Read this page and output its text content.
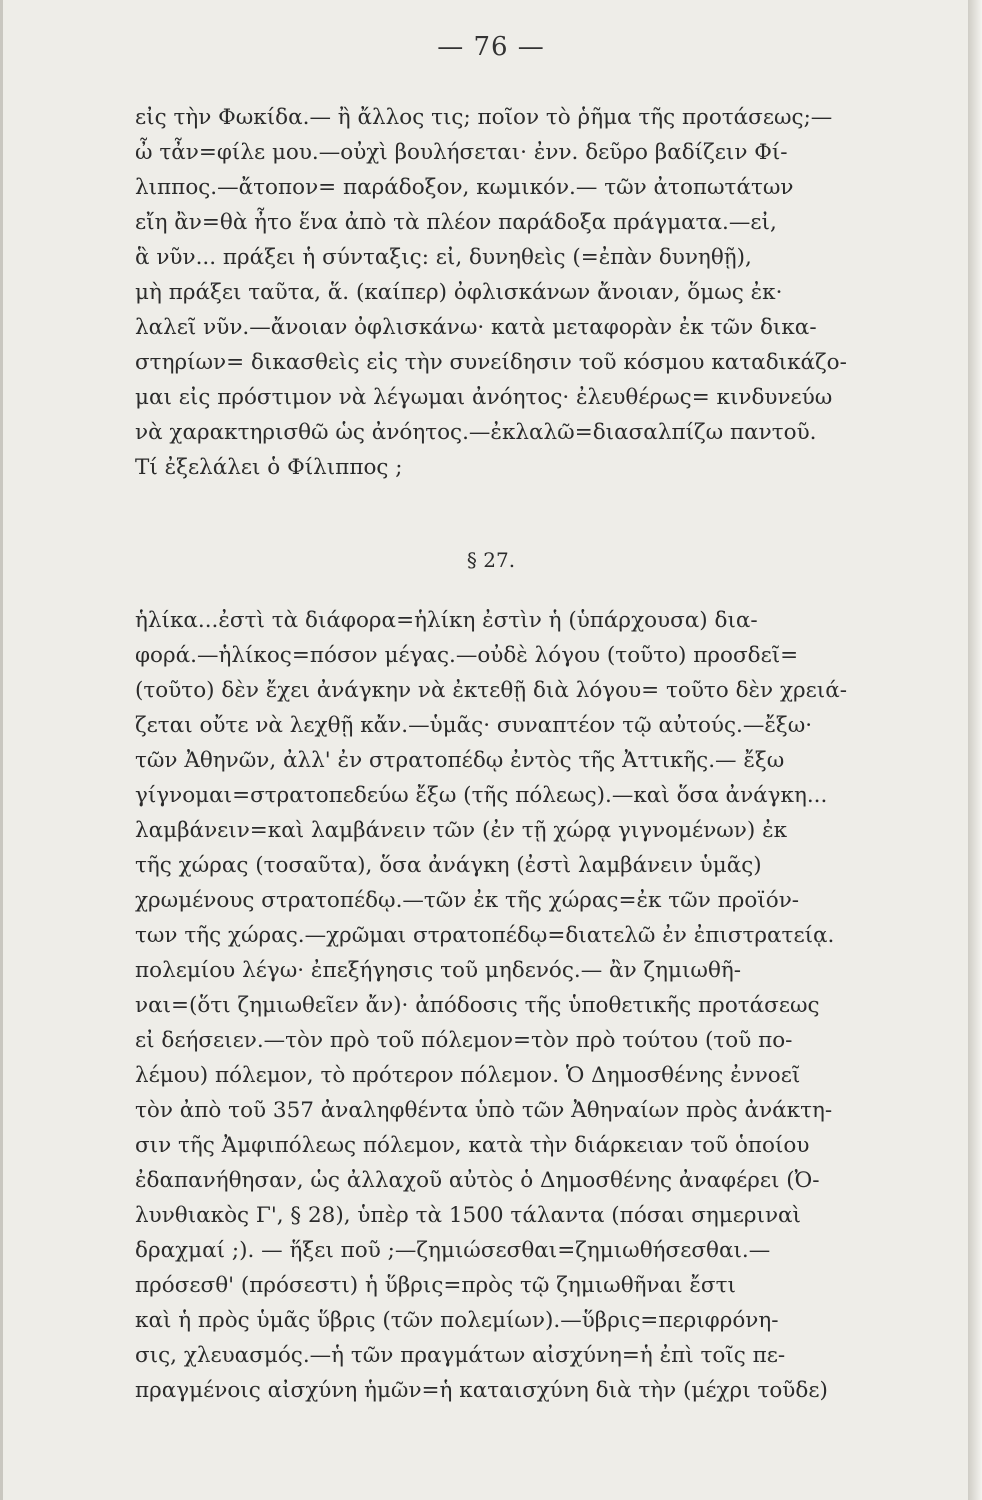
— 76 —
εἰς τὴν Φωκίδα.— ἢ ἄλλος τις; ποῖον τὸ ῥῆμα τῆς προτάσεως;—
ὦ τἆν=φίλε μου.—οὐχὶ βουλήσεται· ἐνν. δεῦρο βαδίζειν Φί-
λιππος.—ἄτοπον= παράδοξον, κωμικόν.— τῶν ἀτοπωτάτων
εἴη ἂν=θὰ ἦτο ἕνα ἀπὸ τὰ πλέον παράδοξα πράγματα.—εἰ,
ἃ νῦν... πράξει ἡ σύνταξις: εἰ, δυνηθεὶς (=ἐπὰν δυνηθῇ),
μὴ πράξει ταῦτα, ἅ. (καίπερ) ὀφλισκάνων ἄνοιαν, ὅμως ἐκ·
λαλεῖ νῦν.—ἄνοιαν ὀφλισκάνω· κατὰ μεταφορὰν ἐκ τῶν δικα-
στηρίων= δικασθεὶς εἰς τὴν συνείδησιν τοῦ κόσμου καταδικάζο-
μαι εἰς πρόστιμον νὰ λέγωμαι ἀνόητος· ἐλευθέρως= κινδυνεύω
νὰ χαρακτηρισθῶ ὡς ἀνόητος.—ἐκλαλῶ=διασαλπίζω παντοῦ.
Τί ἐξελάλει ὁ Φίλιππος ;
§ 27.
ἡλίκα...ἐστὶ τὰ διάφορα=ἡλίκη ἐστὶν ἡ (ὑπάρχουσα) δια-
φορά.—ἡλίκος=πόσον μέγας.—οὐδὲ λόγου (τοῦτο) προσδεῖ=
(τοῦτο) δὲν ἔχει ἀνάγκην νὰ ἐκτεθῇ διὰ λόγου= τοῦτο δὲν χρειά-
ζεται οὔτε νὰ λεχθῇ κἄν.—ὑμᾶς· συναπτέον τῷ αὐτούς.—ἔξω·
τῶν Ἀθηνῶν, ἀλλ' ἐν στρατοπέδῳ ἐντὸς τῆς Ἀττικῆς.— ἔξω
γίγνομαι=στρατοπεδεύω ἔξω (τῆς πόλεως).—καὶ ὅσα ἀνάγκη...
λαμβάνειν=καὶ λαμβάνειν τῶν (ἐν τῇ χώρᾳ γιγνομένων) ἐκ
τῆς χώρας (τοσαῦτα), ὅσα ἀνάγκη (ἐστὶ λαμβάνειν ὑμᾶς)
χρωμένους στρατοπέδῳ.—τῶν ἐκ τῆς χώρας=ἐκ τῶν προϊόν-
των τῆς χώρας.—χρῶμαι στρατοπέδῳ=διατελῶ ἐν ἐπιστρατείᾳ.
πολεμίου λέγω· ἐπεξήγησις τοῦ μηδενός.— ἂν ζημιωθῆ-
ναι=(ὅτι ζημιωθεῖεν ἄν)· ἀπόδοσις τῆς ὑποθετικῆς προτάσεως
εἰ δεήσειεν.—τὸν πρὸ τοῦ πόλεμον=τὸν πρὸ τούτου (τοῦ πο-
λέμου) πόλεμον, τὸ πρότερον πόλεμον. Ὁ Δημοσθένης ἐννοεῖ
τὸν ἀπὸ τοῦ 357 ἀναληφθέντα ὑπὸ τῶν Ἀθηναίων πρὸς ἀνάκτη-
σιν τῆς Ἀμφιπόλεως πόλεμον, κατὰ τὴν διάρκειαν τοῦ ὁποίου
ἐδαπανήθησαν, ὡς ἀλλαχοῦ αὐτὸς ὁ Δημοσθένης ἀναφέρει (Ὀ-
λυνθιακὸς Γ', § 28), ὑπὲρ τὰ 1500 τάλαντα (πόσαι σημεριναὶ
δραχμαί ;). — ἥξει ποῦ ;—ζημιώσεσθαι=ζημιωθήσεσθαι.—
πρόσεσθ' (πρόσεστι) ἡ ὕβρις=πρὸς τῷ ζημιωθῆναι ἔστι
καὶ ἡ πρὸς ὑμᾶς ὕβρις (τῶν πολεμίων).—ὕβρις=περιφρόνη-
σις, χλευασμός.—ἡ τῶν πραγμάτων αἰσχύνη=ἡ ἐπὶ τοῖς πε-
πραγμένοις αἰσχύνη ἡμῶν=ἡ καταισχύνη διὰ τὴν (μέχρι τοῦδε)
